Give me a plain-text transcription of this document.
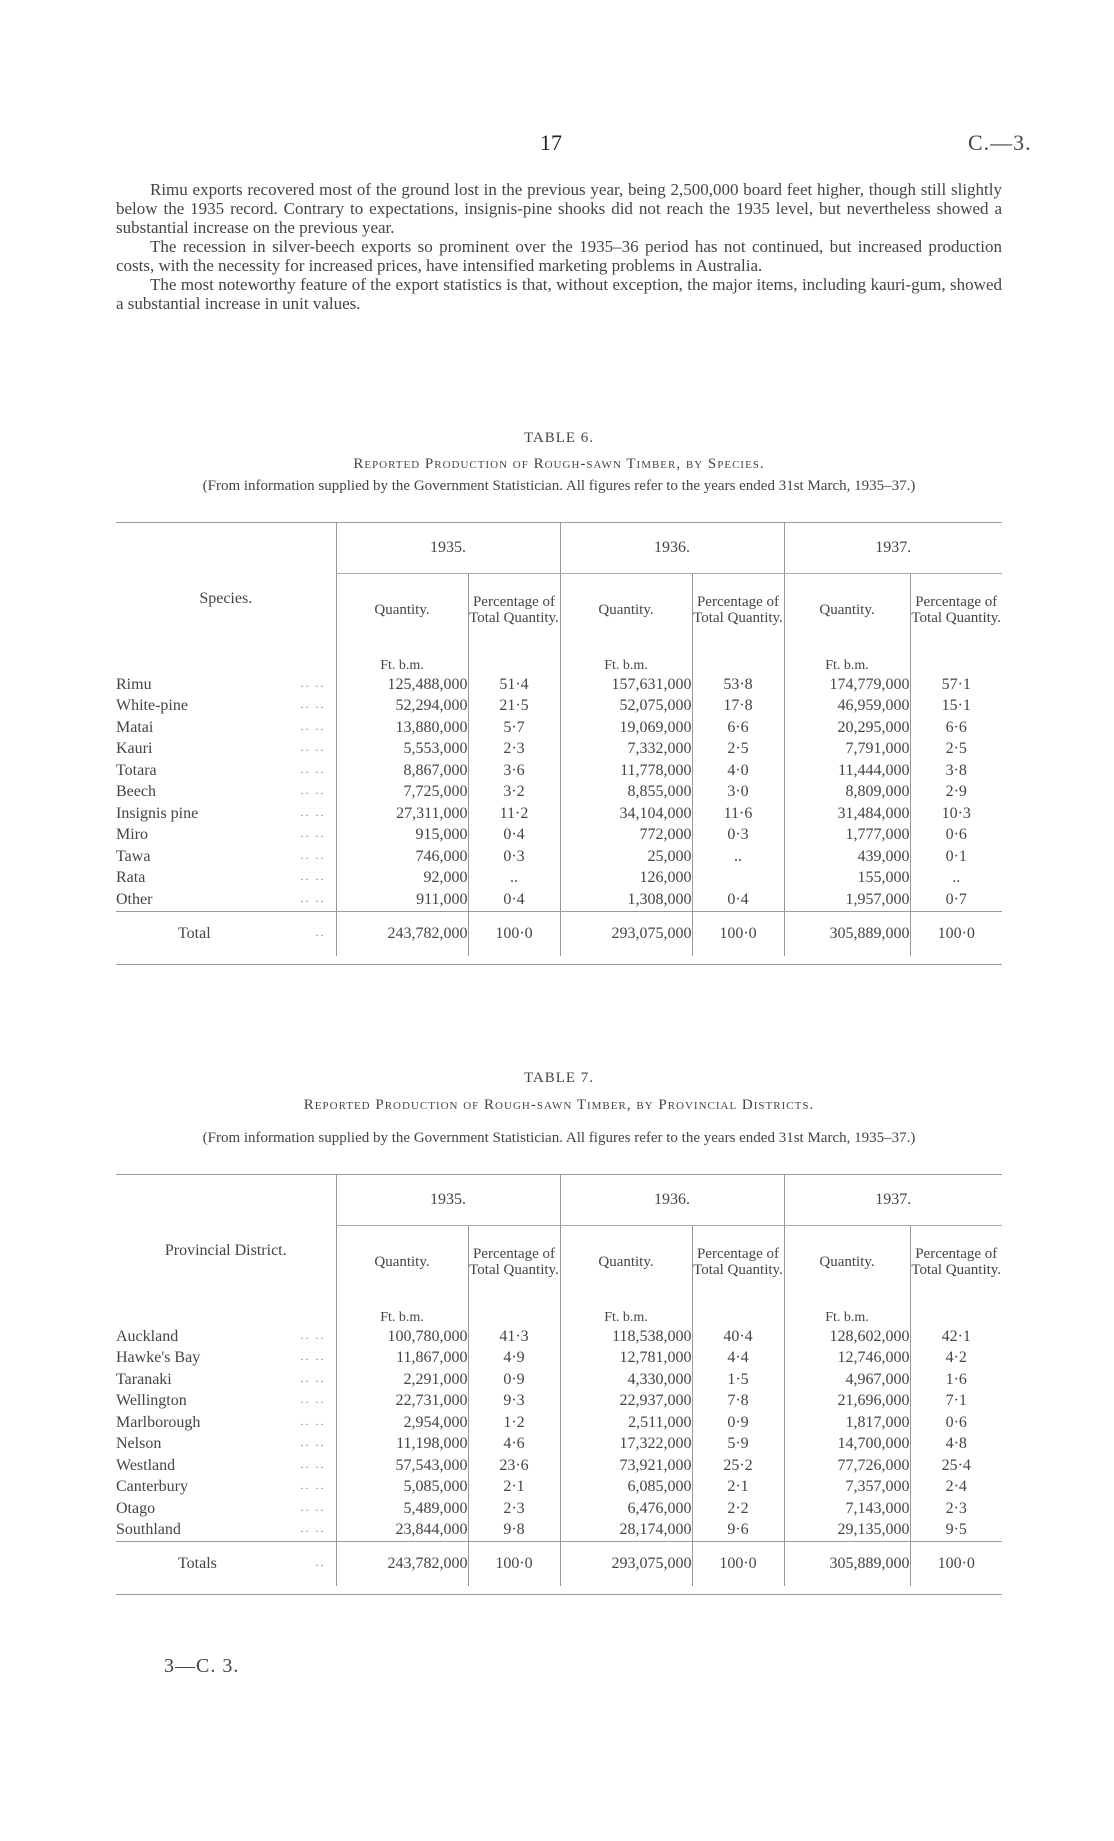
17	C.—3.

Rimu exports recovered most of the ground lost in the previous year, being 2,500,000 board feet higher, though still slightly below the 1935 record. Contrary to expectations, insignis-pine shooks did not reach the 1935 level, but nevertheless showed a substantial increase on the previous year.

The recession in silver-beech exports so prominent over the 1935–36 period has not continued, but increased production costs, with the necessity for increased prices, have intensified marketing problems in Australia.

The most noteworthy feature of the export statistics is that, without exception, the major items, including kauri-gum, showed a substantial increase in unit values.

TABLE 6.
Reported Production of Rough-sawn Timber, by Species.
(From information supplied by the Government Statistician. All figures refer to the years ended 31st March, 1935–37.)

Species.	1935.		1936.		1937.	
	Quantity.	Percentage of Total Quantity.	Quantity.	Percentage of Total Quantity.	Quantity.	Percentage of Total Quantity.
	Ft. b.m.		Ft. b.m.		Ft. b.m.	
Rimu .. ..	125,488,000	51·4	157,631,000	53·8	174,779,000	57·1
White-pine .. ..	52,294,000	21·5	52,075,000	17·8	46,959,000	15·1
Matai .. ..	13,880,000	5·7	19,069,000	6·6	20,295,000	6·6
Kauri .. ..	5,553,000	2·3	7,332,000	2·5	7,791,000	2·5
Totara .. ..	8,867,000	3·6	11,778,000	4·0	11,444,000	3·8
Beech .. ..	7,725,000	3·2	8,855,000	3·0	8,809,000	2·9
Insignis pine .. ..	27,311,000	11·2	34,104,000	11·6	31,484,000	10·3
Miro .. ..	915,000	0·4	772,000	0·3	1,777,000	0·6
Tawa .. ..	746,000	0·3	25,000	..	439,000	0·1
Rata .. ..	92,000	..	126,000		155,000	..
Other .. ..	911,000	0·4	1,308,000	0·4	1,957,000	0·7
Total ..	243,782,000	100·0	293,075,000	100·0	305,889,000	100·0

TABLE 7.
Reported Production of Rough-sawn Timber, by Provincial Districts.
(From information supplied by the Government Statistician. All figures refer to the years ended 31st March, 1935–37.)

Provincial District.	1935.		1936.		1937.	
	Quantity.	Percentage of Total Quantity.	Quantity.	Percentage of Total Quantity.	Quantity.	Percentage of Total Quantity.
	Ft. b.m.		Ft. b.m.		Ft. b.m.	
Auckland .. ..	100,780,000	41·3	118,538,000	40·4	128,602,000	42·1
Hawke's Bay .. ..	11,867,000	4·9	12,781,000	4·4	12,746,000	4·2
Taranaki .. ..	2,291,000	0·9	4,330,000	1·5	4,967,000	1·6
Wellington .. ..	22,731,000	9·3	22,937,000	7·8	21,696,000	7·1
Marlborough .. ..	2,954,000	1·2	2,511,000	0·9	1,817,000	0·6
Nelson .. ..	11,198,000	4·6	17,322,000	5·9	14,700,000	4·8
Westland .. ..	57,543,000	23·6	73,921,000	25·2	77,726,000	25·4
Canterbury .. ..	5,085,000	2·1	6,085,000	2·1	7,357,000	2·4
Otago .. ..	5,489,000	2·3	6,476,000	2·2	7,143,000	2·3
Southland .. ..	23,844,000	9·8	28,174,000	9·6	29,135,000	9·5
Totals ..	243,782,000	100·0	293,075,000	100·0	305,889,000	100·0

3—C. 3.
